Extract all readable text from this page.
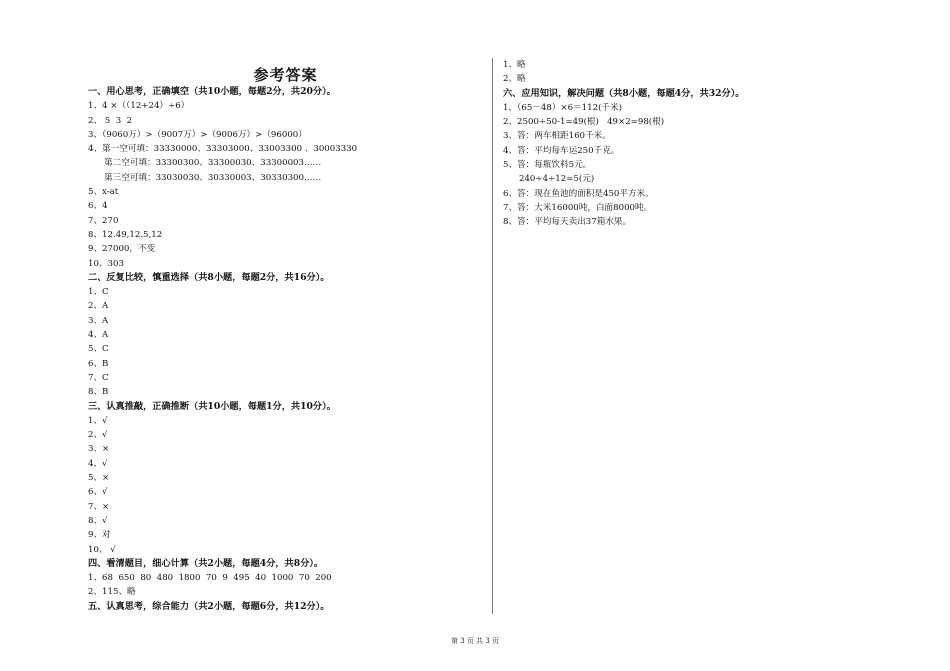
参考答案
一、用心思考，正确填空（共10小题，每题2分，共20分）。
1、4 ×（（12+24）÷6）
2、 5  3  2
3、（9060万）>（9007万）>（9006万）>（96000）
4、第一空可填：33330000、33303000、33003300 、30003330
第二空可填：33300300、33300030、33300003……
第三空可填：33030030、30330003、30330300……
5、x-at
6、4
7、270
8、12.49,12.5,12
9、27000，不变
10、303
二、反复比较，慎重选择（共8小题，每题2分，共16分）。
1、C
2、A
3、A
4、A
5、C
6、B
7、C
8、B
三、认真推敲，正确推断（共10小题，每题1分，共10分）。
1、√
2、√
3、×
4、√
5、×
6、√
7、×
8、√
9、对
10、 √
四、看清题目，细心计算（共2小题，每题4分，共8分）。
1、68  650  80  480  1800  70  9  495  40  1000  70  200
2、115、略
五、认真思考，综合能力（共2小题，每题6分，共12分）。
1、略
2、略
六、应用知识，解决问题（共8小题，每题4分，共32分）。
1、（65－48）×6＝112(千米)
2、2500÷50-1=49(根)   49×2=98(根)
3、答：两车相距160千米。
4、答：平均每车运250千克。
5、答：每瓶饮料5元。
240÷4÷12=5(元)
6、答：现在鱼池的面积是450平方米。
7、答：大米16000吨，白面8000吨。
8、答：平均每天卖出37箱水果。
第 3 页 共 3 页
